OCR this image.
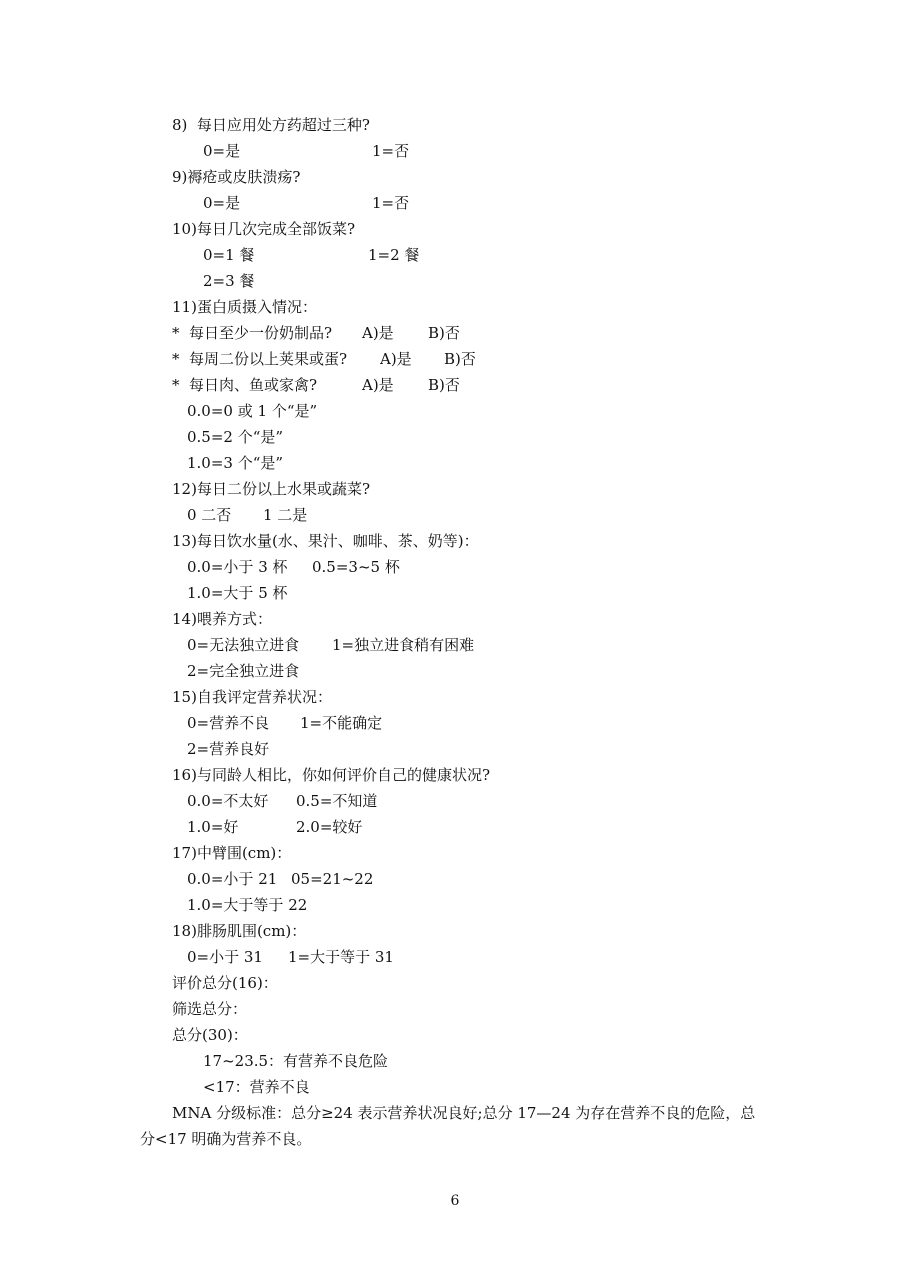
8)  每日应用处方药超过三种?
0=是	1=否
9)褥疮或皮肤溃疡?
0=是	1=否
10)每日几次完成全部饭菜?
0=1 餐	1=2 餐
2=3 餐
11)蛋白质摄入情况：
*  每日至少一份奶制品? A)是 B)否
*  每周二份以上荚果或蛋? A)是 B)否
*  每日肉、鱼或家禽?	A)是 B)否
0.0=0 或 1 个“是”
0.5=2 个“是”
1.0=3 个“是”
12)每日二份以上水果或蔬菜?
0 二否 1 二是
13)每日饮水量(水、果汁、咖啡、茶、奶等)：
0.0=小于 3 杯 0.5=3~5 杯
1.0=大于 5 杯
14)喂养方式：
0=无法独立进食 1=独立进食稍有困难
2=完全独立进食
15)自我评定营养状况：
0=营养不良 1=不能确定
2=营养良好
16)与同龄人相比，你如何评价自己的健康状况?
0.0=不太好 0.5=不知道
1.0=好	2.0=较好
17)中臂围(cm)：
0.0=小于 21 05=21~22
1.0=大于等于 22
18)腓肠肌围(cm)：
0=小于 31 1=大于等于 31
评价总分(16)：
筛选总分：
总分(30)：
17~23.5：有营养不良危险
<17：营养不良
MNA 分级标准：总分≥24 表示营养状况良好;总分 17—24 为存在营养不良的危险，总
分<17 明确为营养不良。
6
